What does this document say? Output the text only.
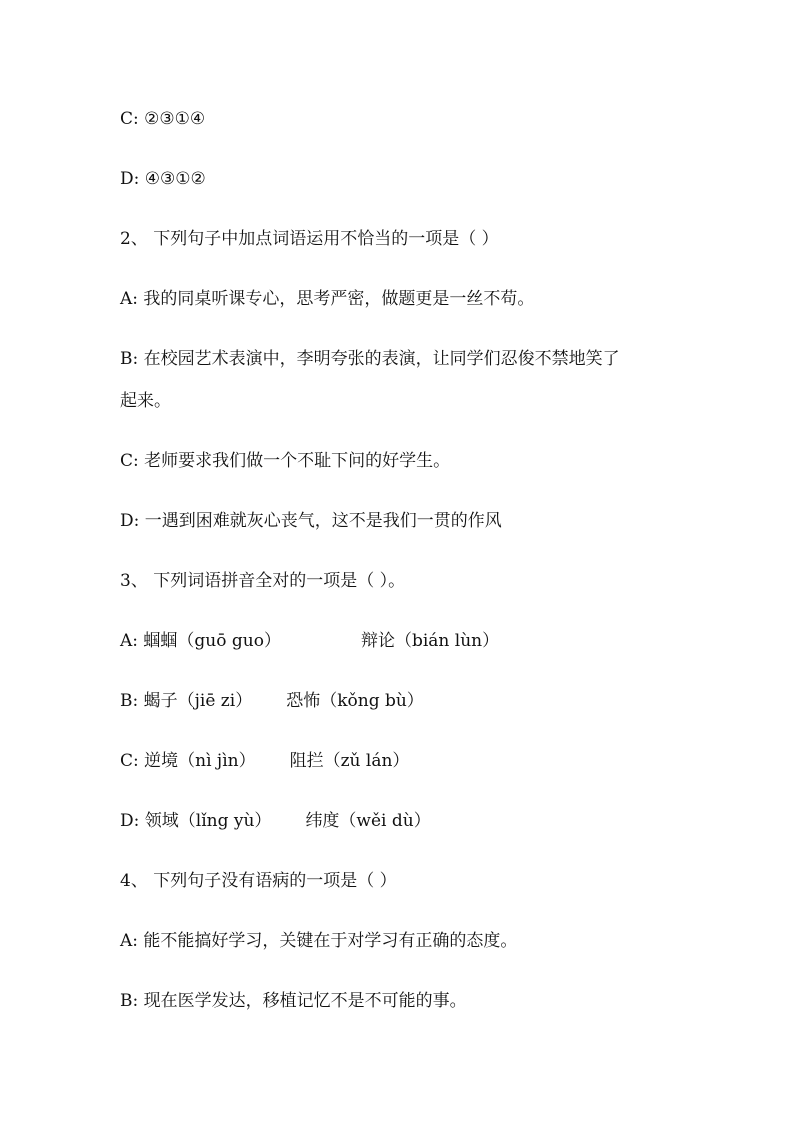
C: ②③①④
D: ④③①②
2、 下列句子中加点词语运用不恰当的一项是（ ）
A: 我的同桌听课专心，思考严密，做题更是一丝不苟。
B: 在校园艺术表演中，李明夸张的表演，让同学们忍俊不禁地笑了
起来。
C: 老师要求我们做一个不耻下问的好学生。
D: 一遇到困难就灰心丧气，这不是我们一贯的作风
3、 下列词语拼音全对的一项是（ ）。
A: 蝈蝈（guō guo）	辩论（bián lùn）
B: 蝎子（jiē zi） 恐怖（kǒng bù）
C: 逆境（nì jìn） 阻拦（zǔ lán）
D: 领域（lǐng yù） 纬度（wěi dù）
4、 下列句子没有语病的一项是（ ）
A: 能不能搞好学习，关键在于对学习有正确的态度。
B: 现在医学发达，移植记忆不是不可能的事。
